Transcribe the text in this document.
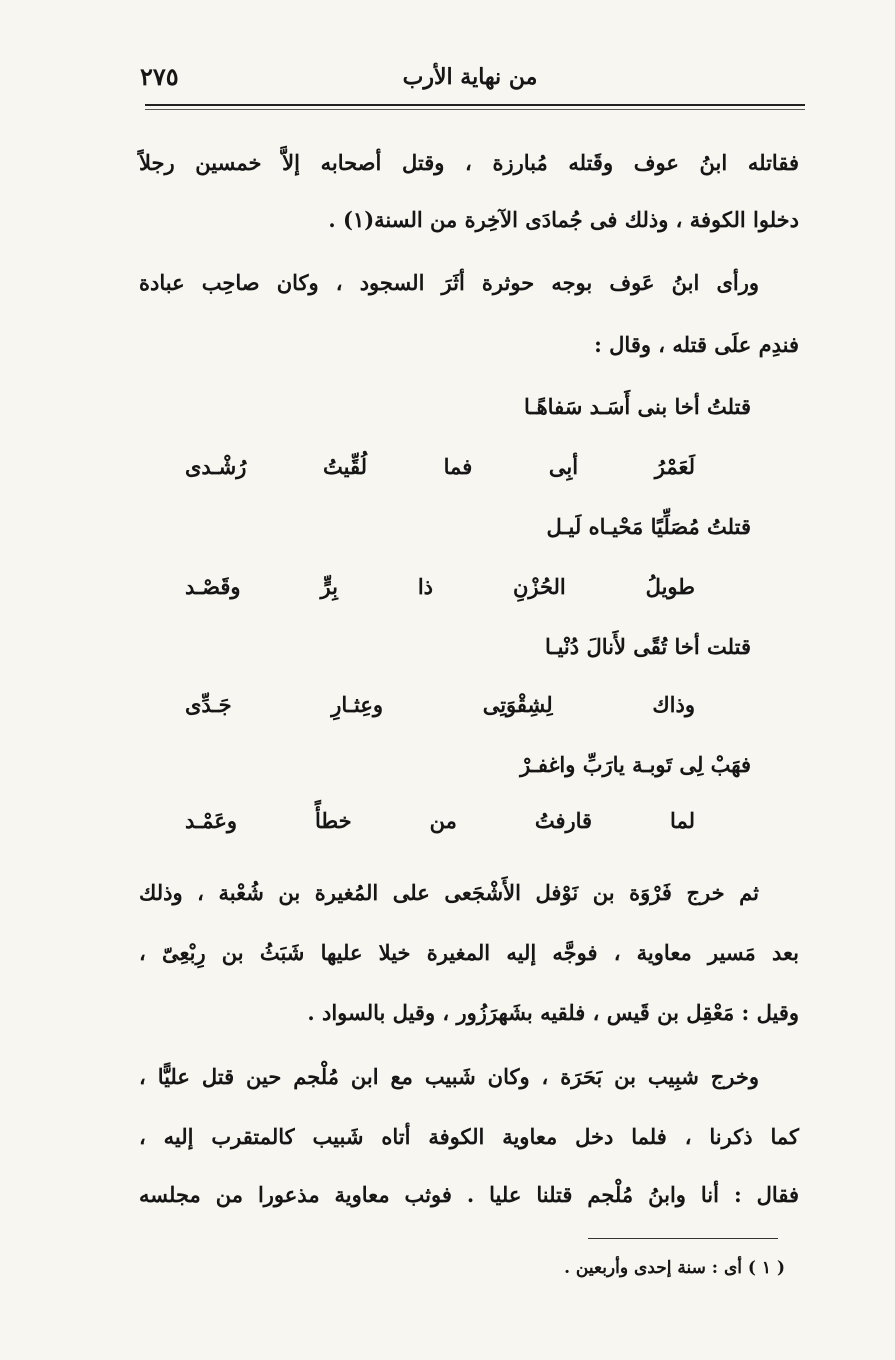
٢٧٥	من نهاية الأرب
فقاتله ابنُ عوف وقَتله مُبارزة ، وقتل أصحابه إلاَّ خمسين رجلاً
دخلوا الكوفة ، وذلك فى جُمادَى الآخِرة من السنة(١) .
ورأى ابنُ عَوف بوجه حوثرة أثَرَ السجود ، وكان صاحِب عبادة
فندِم علَى قتله ، وقال :
قتلتُ أخا بنى أَسَـد سَفاهًـا
لَعَمْرُ أبِى فما لُقِّيتُ رُشْـدى
قتلتُ مُصَلِّيًا مَحْيـاه لَيـل
طويلُ الحُزْنِ ذا بِرٍّ وقَصْـد
قتلت أخا تُقًى لأَنالَ دُنْيـا
وذاك لِشِقْوَتِى وعِثـارِ جَـدِّى
فهَبْ لِى تَوبـة يارَبِّ واغفـرْ
لما قارفتُ من خطأً وعَمْـد
ثم خرج فَرْوَة بن نَوْفل الأَشْجَعى على المُغيرة بن شُعْبة ، وذلك
بعد مَسير معاوية ، فوجَّه إليه المغيرة خيلا عليها شَبَثُ بن رِبْعِىّ ،
وقيل : مَعْقِل بن قَيس ، فلقيه بشَهرَزُور ، وقيل بالسواد .
وخرج شبِيب بن بَحَرَة ، وكان شَبيب مع ابن مُلْجم حين قتل عليًّا ،
كما ذكرنا ، فلما دخل معاوية الكوفة أتاه شَبيب كالمتقرب إليه ،
فقال : أنا وابنُ مُلْجم قتلنا عليا . فوثب معاوية مذعورا من مجلسه
( ١ ) أى : سنة إحدى وأربعين .
